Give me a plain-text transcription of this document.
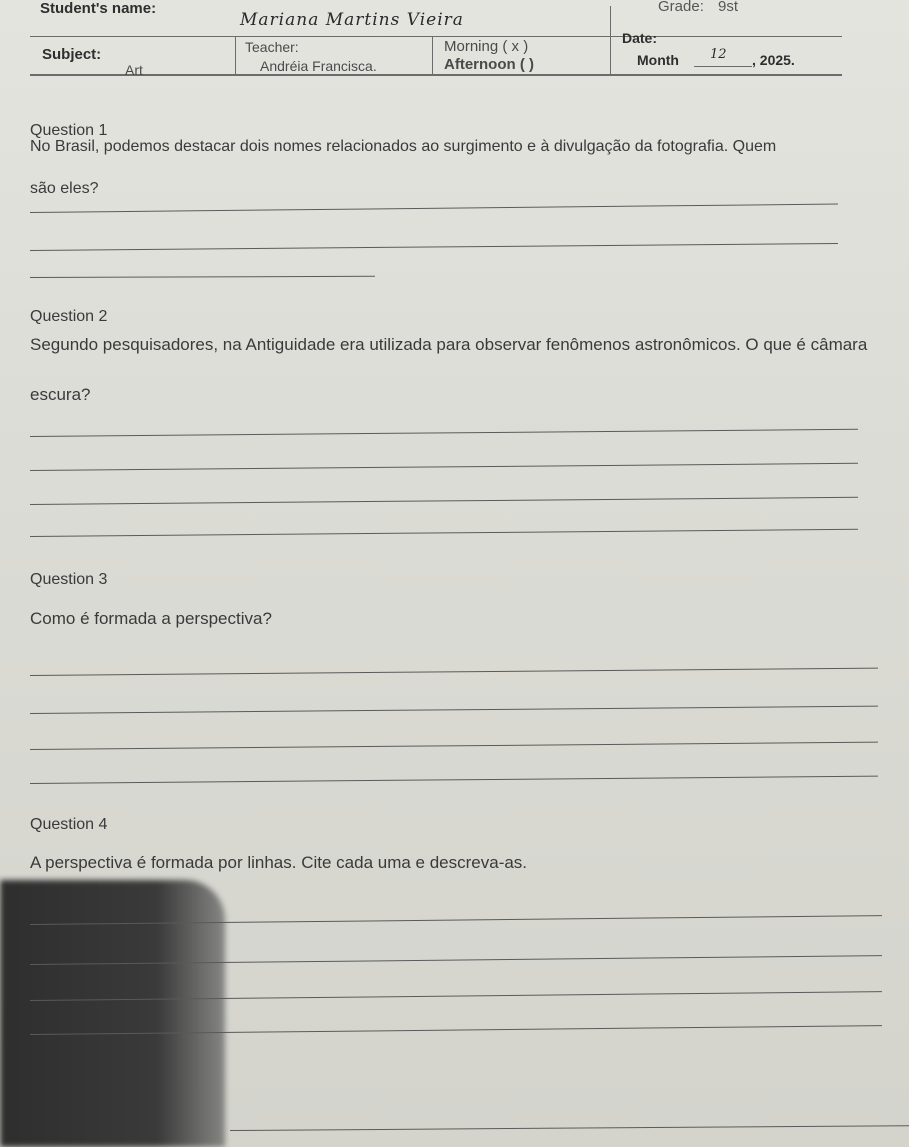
Student's name:
Mariana Martins Vieira
Grade: 9st
Subject:
Art
Teacher:
Andréia Francisca.
Morning ( x )
Afternoon ( )
Date:
Month 12 , 2025.
Question 1
No Brasil, podemos destacar dois nomes relacionados ao surgimento e à divulgação da fotografia. Quem são eles?
Question 2
Segundo pesquisadores, na Antiguidade era utilizada para observar fenômenos astronômicos. O que é câmara escura?
Question 3
Como é formada a perspectiva?
Question 4
A perspectiva é formada por linhas. Cite cada uma e descreva-as.
